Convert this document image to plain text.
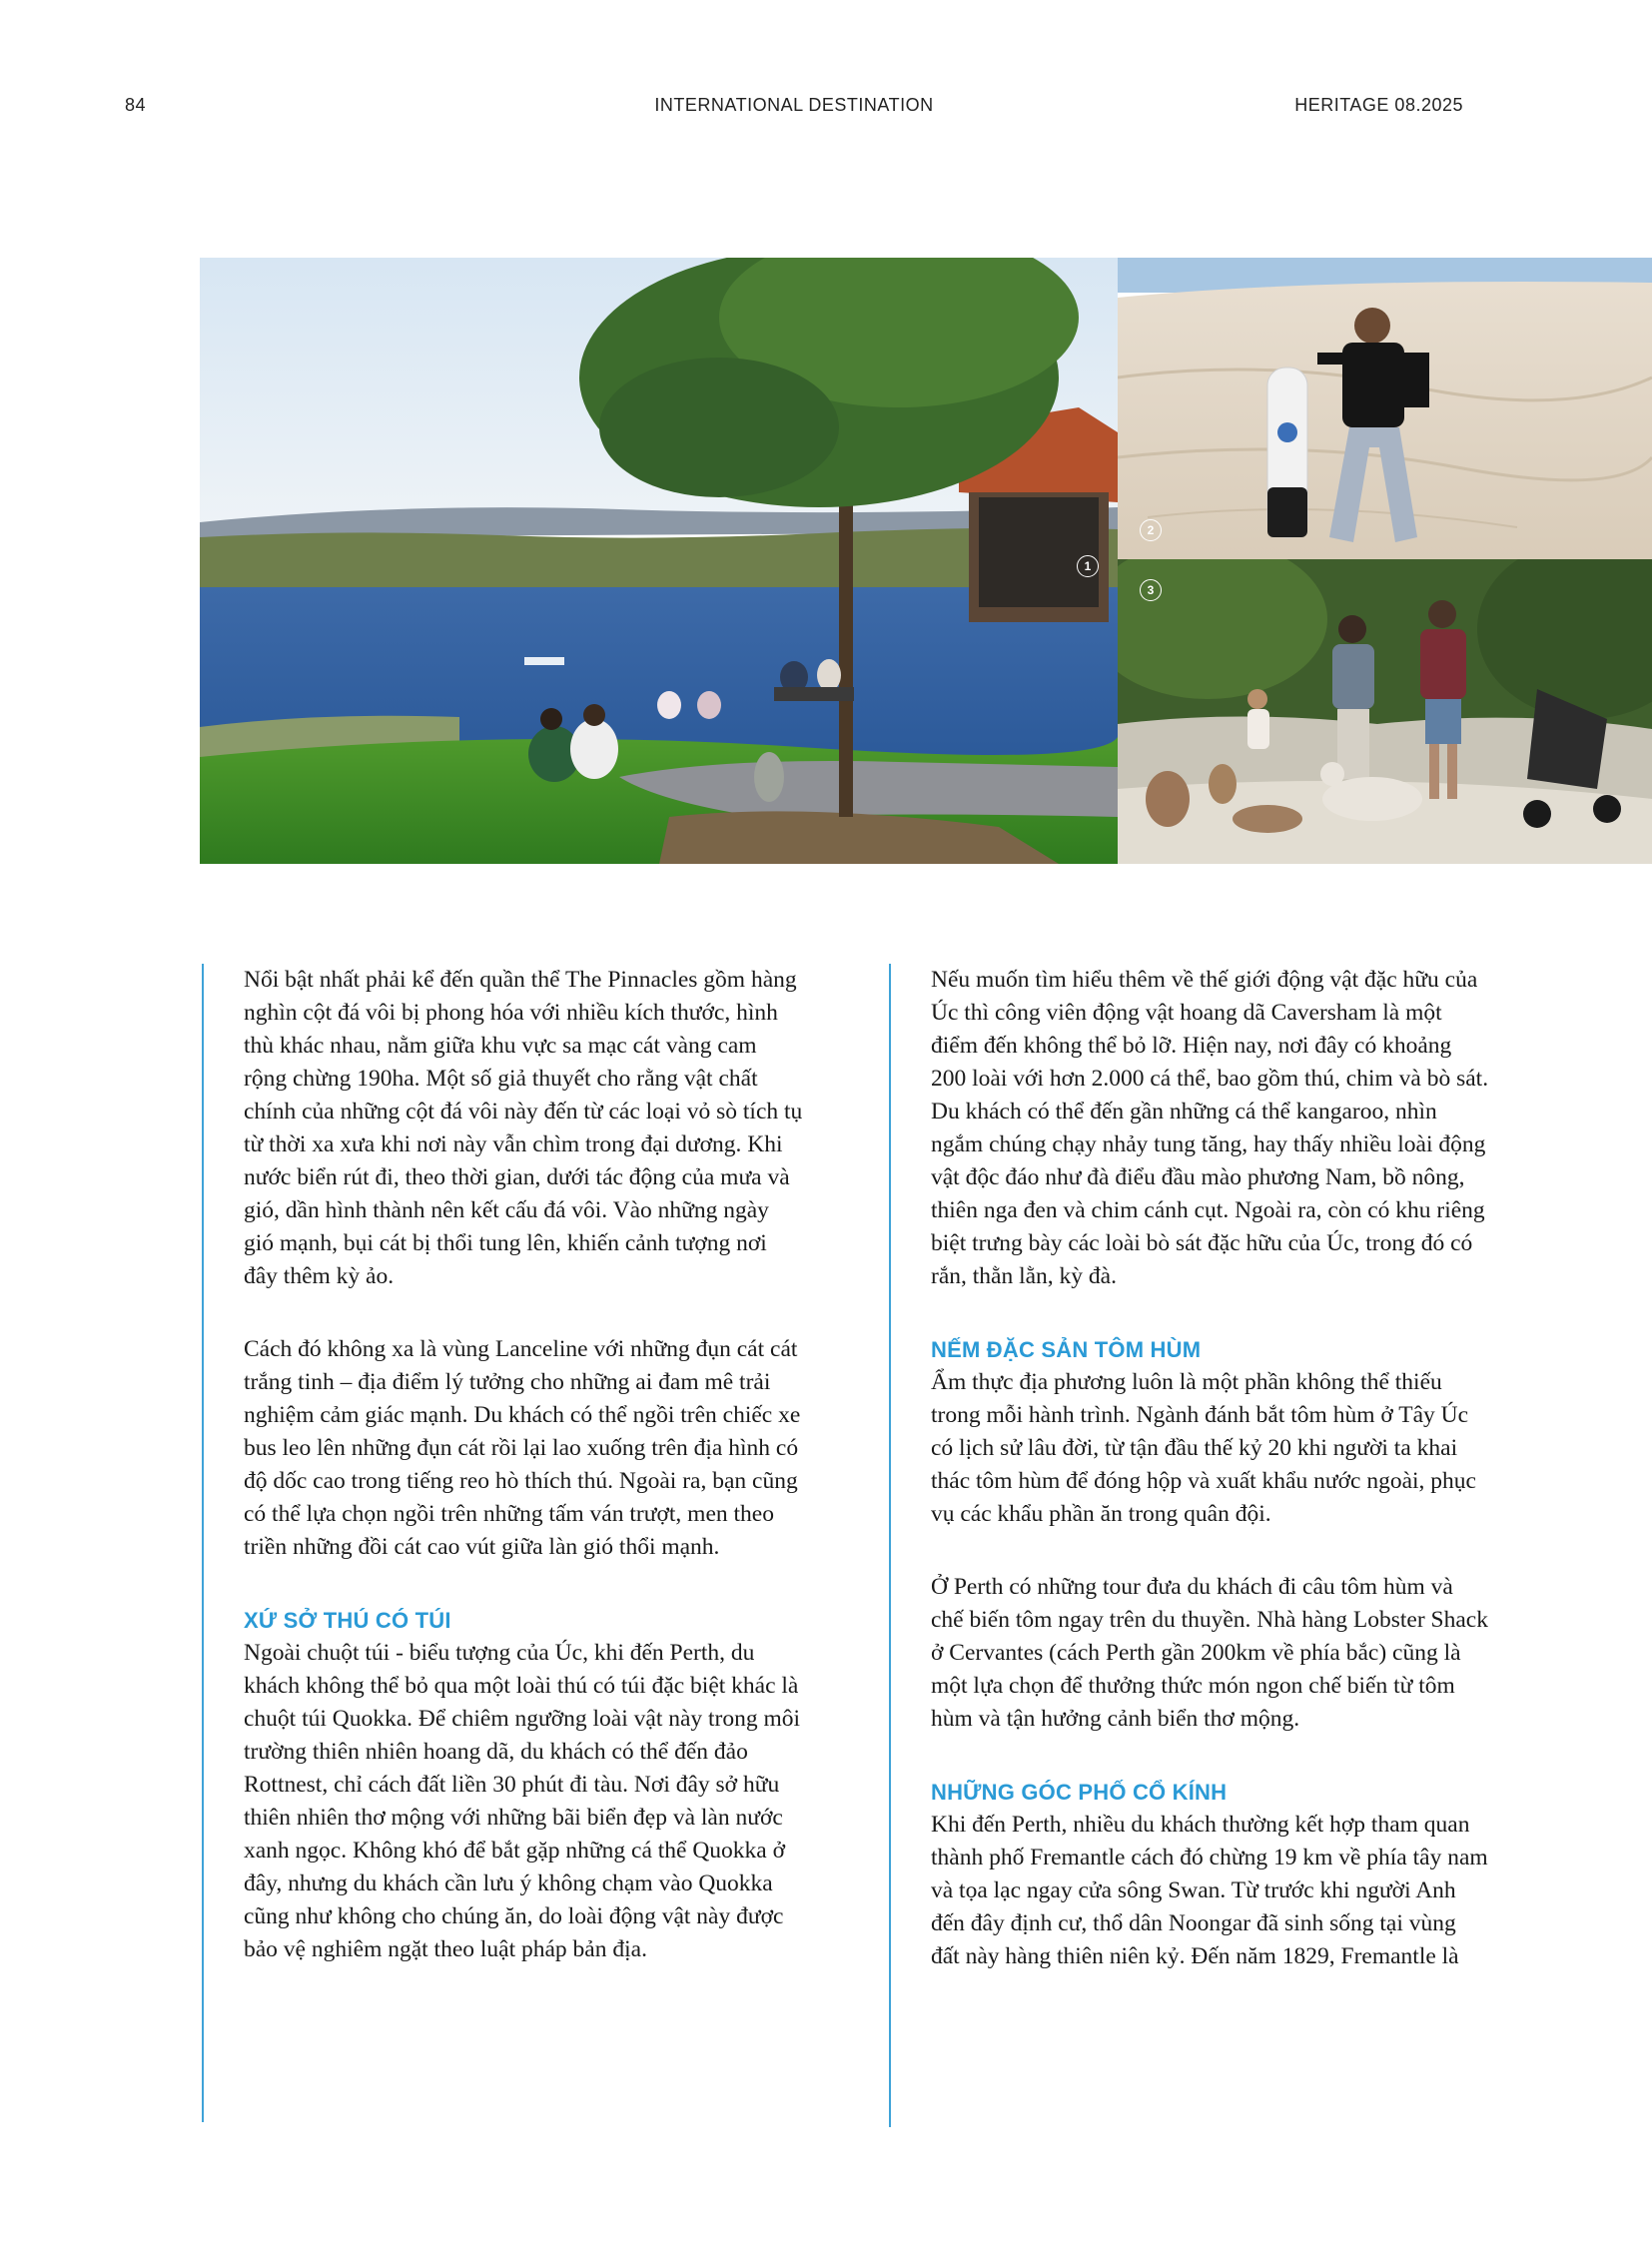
INTERNATIONAL DESTINATION
84	HERITAGE 08.2025
1
2
3

Nổi bật nhất phải kể đến quần thể The Pinnacles gồm hàng nghìn cột đá vôi bị phong hóa với nhiều kích thước, hình thù khác nhau, nằm giữa khu vực sa mạc cát vàng cam rộng chừng 190ha. Một số giả thuyết cho rằng vật chất chính của những cột đá vôi này đến từ các loại vỏ sò tích tụ từ thời xa xưa khi nơi này vẫn chìm trong đại dương. Khi nước biển rút đi, theo thời gian, dưới tác động của mưa và gió, dần hình thành nên kết cấu đá vôi. Vào những ngày gió mạnh, bụi cát bị thổi tung lên, khiến cảnh tượng nơi đây thêm kỳ ảo.

Cách đó không xa là vùng Lanceline với những đụn cát cát trắng tinh – địa điểm lý tưởng cho những ai đam mê trải nghiệm cảm giác mạnh. Du khách có thể ngồi trên chiếc xe bus leo lên những đụn cát rồi lại lao xuống trên địa hình có độ dốc cao trong tiếng reo hò thích thú. Ngoài ra, bạn cũng có thể lựa chọn ngồi trên những tấm ván trượt, men theo triền những đồi cát cao vút giữa làn gió thổi mạnh.

XỨ SỞ THÚ CÓ TÚI

Ngoài chuột túi - biểu tượng của Úc, khi đến Perth, du khách không thể bỏ qua một loài thú có túi đặc biệt khác là chuột túi Quokka. Để chiêm ngưỡng loài vật này trong môi trường thiên nhiên hoang dã, du khách có thể đến đảo Rottnest, chỉ cách đất liền 30 phút đi tàu. Nơi đây sở hữu thiên nhiên thơ mộng với những bãi biển đẹp và làn nước xanh ngọc. Không khó để bắt gặp những cá thể Quokka ở đây, nhưng du khách cần lưu ý không chạm vào Quokka cũng như không cho chúng ăn, do loài động vật này được bảo vệ nghiêm ngặt theo luật pháp bản địa.

Nếu muốn tìm hiểu thêm về thế giới động vật đặc hữu của Úc thì công viên động vật hoang dã Caversham là một điểm đến không thể bỏ lỡ. Hiện nay, nơi đây có khoảng 200 loài với hơn 2.000 cá thể, bao gồm thú, chim và bò sát. Du khách có thể đến gần những cá thể kangaroo, nhìn ngắm chúng chạy nhảy tung tăng, hay thấy nhiều loài động vật độc đáo như đà điểu đầu mào phương Nam, bồ nông, thiên nga đen và chim cánh cụt. Ngoài ra, còn có khu riêng biệt trưng bày các loài bò sát đặc hữu của Úc, trong đó có rắn, thằn lằn, kỳ đà.

NẾM ĐẶC SẢN TÔM HÙM

Ẩm thực địa phương luôn là một phần không thể thiếu trong mỗi hành trình. Ngành đánh bắt tôm hùm ở Tây Úc có lịch sử lâu đời, từ tận đầu thế kỷ 20 khi người ta khai thác tôm hùm để đóng hộp và xuất khẩu nước ngoài, phục vụ các khẩu phần ăn trong quân đội.

Ở Perth có những tour đưa du khách đi câu tôm hùm và chế biến tôm ngay trên du thuyền. Nhà hàng Lobster Shack ở Cervantes (cách Perth gần 200km về phía bắc) cũng là một lựa chọn để thưởng thức món ngon chế biến từ tôm hùm và tận hưởng cảnh biển thơ mộng.

NHỮNG GÓC PHỐ CỔ KÍNH

Khi đến Perth, nhiều du khách thường kết hợp tham quan thành phố Fremantle cách đó chừng 19 km về phía tây nam và tọa lạc ngay cửa sông Swan. Từ trước khi người Anh đến đây định cư, thổ dân Noongar đã sinh sống tại vùng đất này hàng thiên niên kỷ. Đến năm 1829, Fremantle là
